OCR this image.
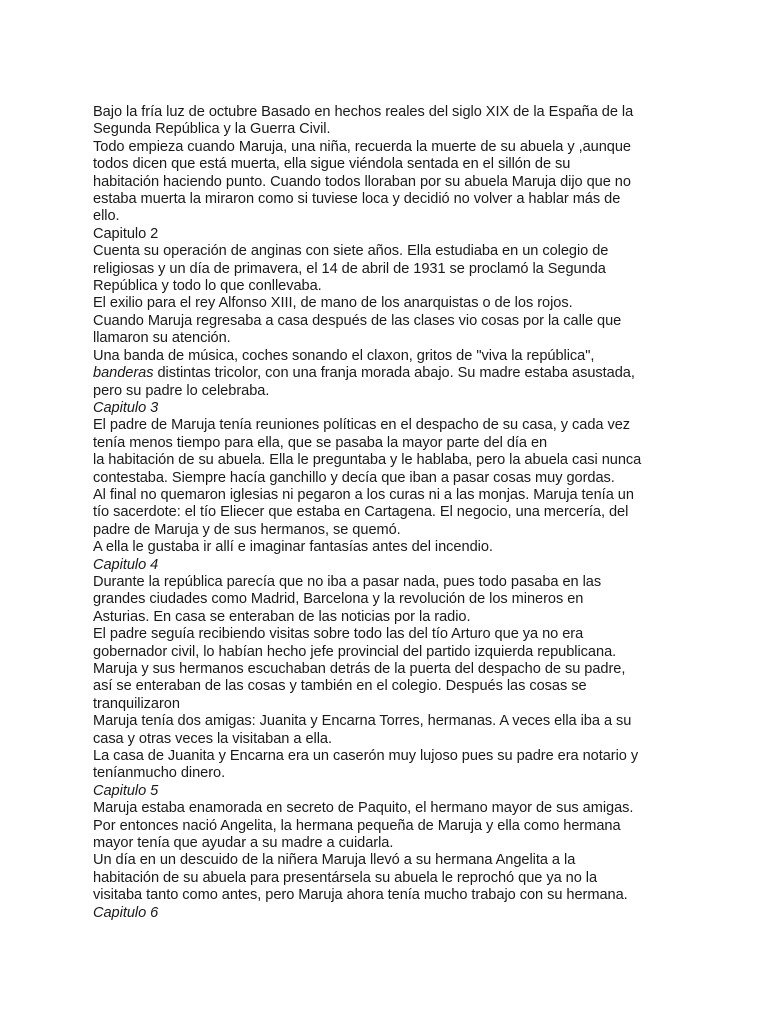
Bajo la fría luz de octubre Basado en hechos reales del siglo XIX de la España de la
Segunda República y la Guerra Civil.

Todo empieza cuando Maruja, una niña, recuerda la muerte de su abuela y ,aunque
todos dicen que está muerta, ella sigue viéndola sentada en el sillón de su
habitación haciendo punto. Cuando todos lloraban por su abuela Maruja dijo que no
estaba muerta la miraron como si tuviese loca y decidió no volver a hablar más de
ello.

Capitulo 2

Cuenta su operación de anginas con siete años. Ella estudiaba en un colegio de
religiosas y un día de primavera, el 14 de abril de 1931 se proclamó la Segunda
República y todo lo que conllevaba.

El exilio para el rey Alfonso XIII, de mano de los anarquistas o de los rojos.

Cuando Maruja regresaba a casa después de las clases vio cosas por la calle que
llamaron su atención.

Una banda de música, coches sonando el claxon, gritos de "viva la república",
banderas distintas tricolor, con una franja morada abajo. Su madre estaba asustada,
pero su padre lo celebraba.

Capitulo 3

El padre de Maruja tenía reuniones políticas en el despacho de su casa, y cada vez
tenía menos tiempo para ella, que se pasaba la mayor parte del día en
la habitación de su abuela. Ella le preguntaba y le hablaba, pero la abuela casi nunca
contestaba. Siempre hacía ganchillo y decía que iban a pasar cosas muy gordas.

Al final no quemaron iglesias ni pegaron a los curas ni a las monjas. Maruja tenía un
tío sacerdote: el tío Eliecer que estaba en Cartagena. El negocio, una mercería, del
padre de Maruja y de sus hermanos, se quemó.

A ella le gustaba ir allí e imaginar fantasías antes del incendio.

Capitulo 4

Durante la república parecía que no iba a pasar nada, pues todo pasaba en las
grandes ciudades como Madrid, Barcelona y la revolución de los mineros en
Asturias. En casa se enteraban de las noticias por la radio.

El padre seguía recibiendo visitas sobre todo las del tío Arturo que ya no era
gobernador civil, lo habían hecho jefe provincial del partido izquierda republicana.

Maruja y sus hermanos escuchaban detrás de la puerta del despacho de su padre,
así se enteraban de las cosas y también en el colegio. Después las cosas se
tranquilizaron

Maruja tenía dos amigas: Juanita y Encarna Torres, hermanas. A veces ella iba a su
casa y otras veces la visitaban a ella.

La casa de Juanita y Encarna era un caserón muy lujoso pues su padre era notario y
teníanmucho dinero.

Capitulo 5

Maruja estaba enamorada en secreto de Paquito, el hermano mayor de sus amigas.
Por entonces nació Angelita, la hermana pequeña de Maruja y ella como hermana
mayor tenía que ayudar a su madre a cuidarla.

Un día en un descuido de la niñera Maruja llevó a su hermana Angelita a la
habitación de su abuela para presentársela su abuela le reprochó que ya no la
visitaba tanto como antes, pero Maruja ahora tenía mucho trabajo con su hermana.

Capitulo 6
